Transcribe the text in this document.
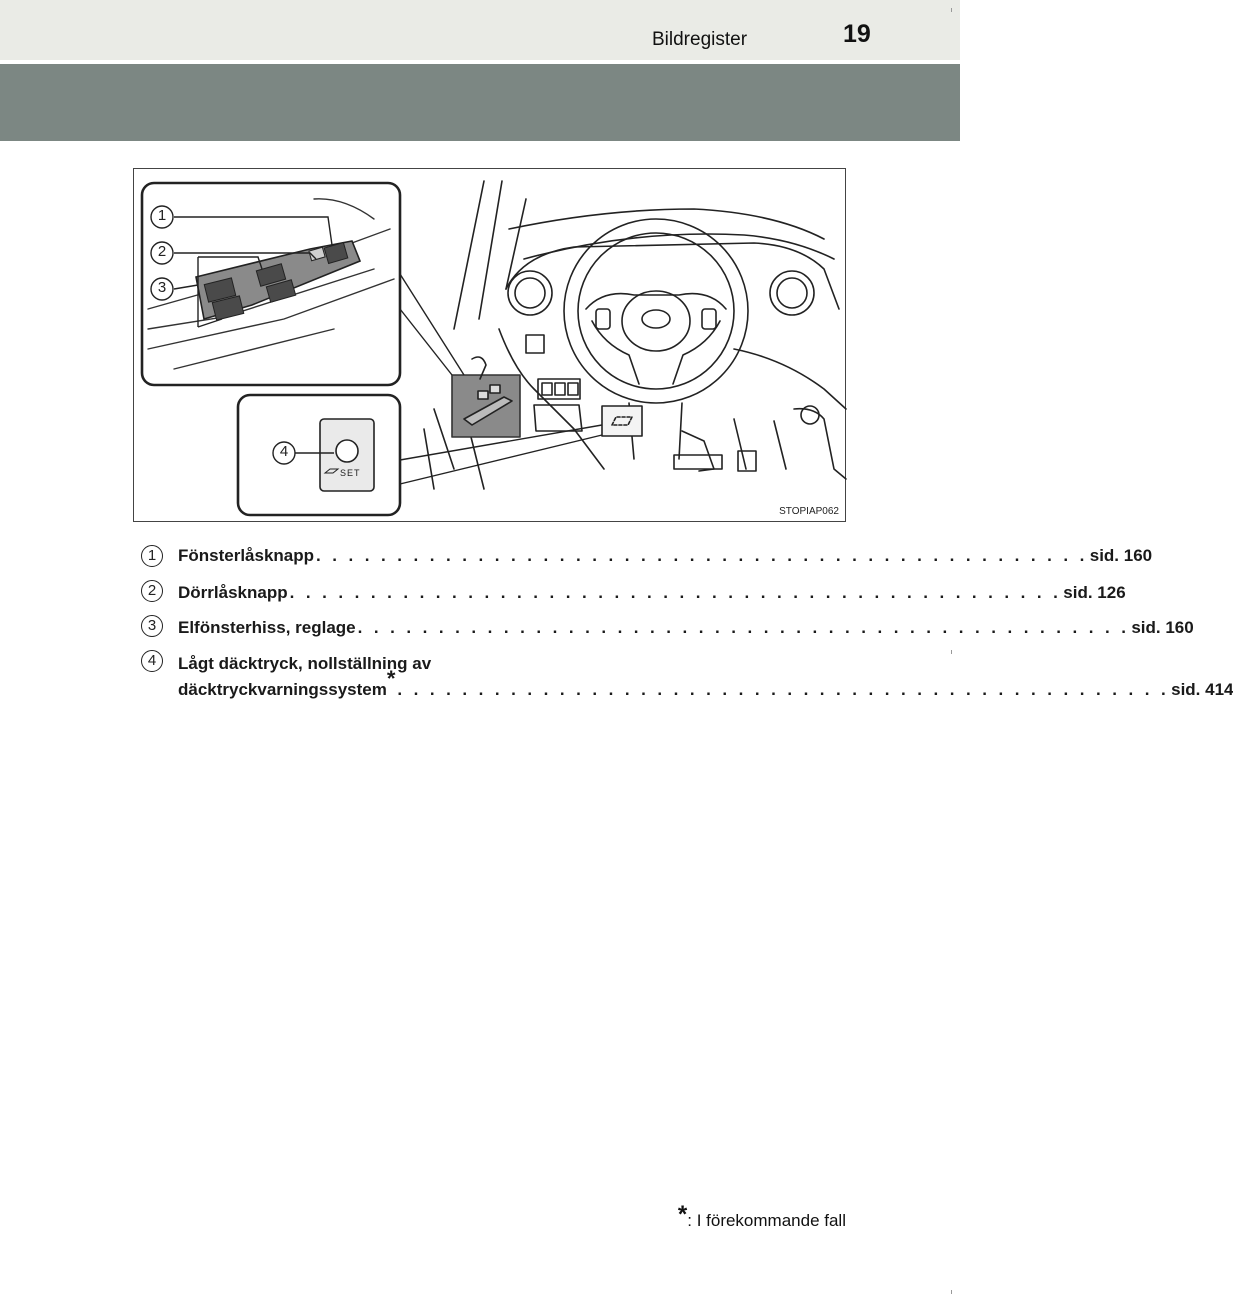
Bildregister	19
1
2
3
4
SET
STOPIAP062
1	Fönsterlåsknapp . . . . . . . . . . . . . . . . . . . . . . . . . . . . . . . . . . . . . . . . . . . . . . . . sid. 160
2	Dörrlåsknapp . . . . . . . . . . . . . . . . . . . . . . . . . . . . . . . . . . . . . . . . . . . . . . . . sid. 126
3	Elfönsterhiss, reglage . . . . . . . . . . . . . . . . . . . . . . . . . . . . . . . . . . . . . . . . . . . . . . . . sid. 160
4	Lågt däcktryck, nollställning av
däcktryckvarningssystem* . . . . . . . . . . . . . . . . . . . . . . . . . . . . . . . . . . . . . . . . . . . . . . . . sid. 414
*: I förekommande fall
